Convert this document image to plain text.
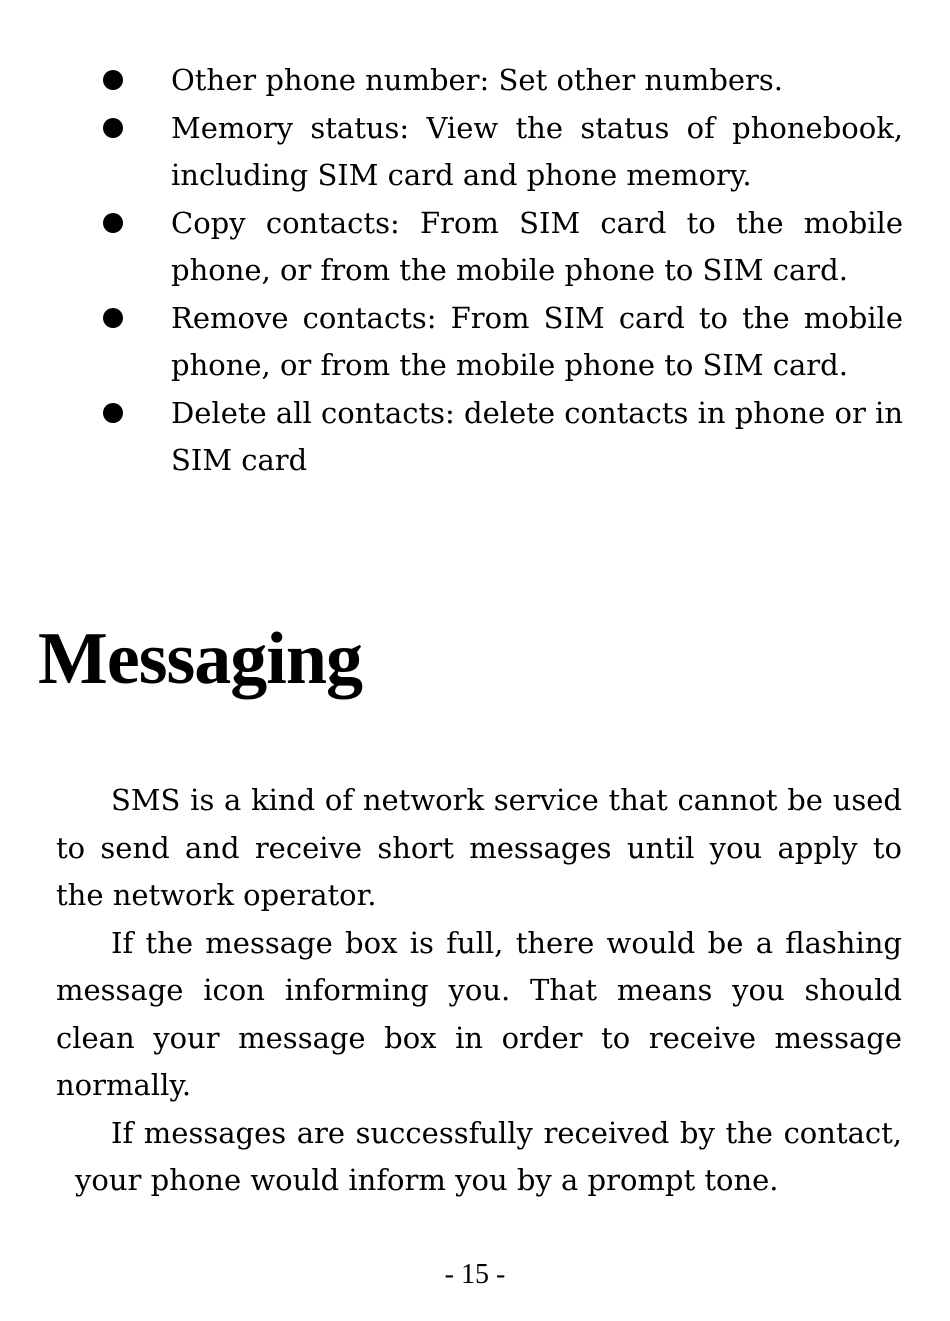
Other phone number: Set other numbers.
Memory status: View the status of phonebook, including SIM card and phone memory.
Copy contacts: From SIM card to the mobile phone, or from the mobile phone to SIM card.
Remove contacts: From SIM card to the mobile phone, or from the mobile phone to SIM card.
Delete all contacts: delete contacts in phone or in SIM card
Messaging

SMS is a kind of network service that cannot be used to send and receive short messages until you apply to the network operator.

If the message box is full, there would be a flashing message icon informing you. That means you should clean your message box in order to receive message normally.

If messages are successfully received by the contact, your phone would inform you by a prompt tone.

- 15 -
